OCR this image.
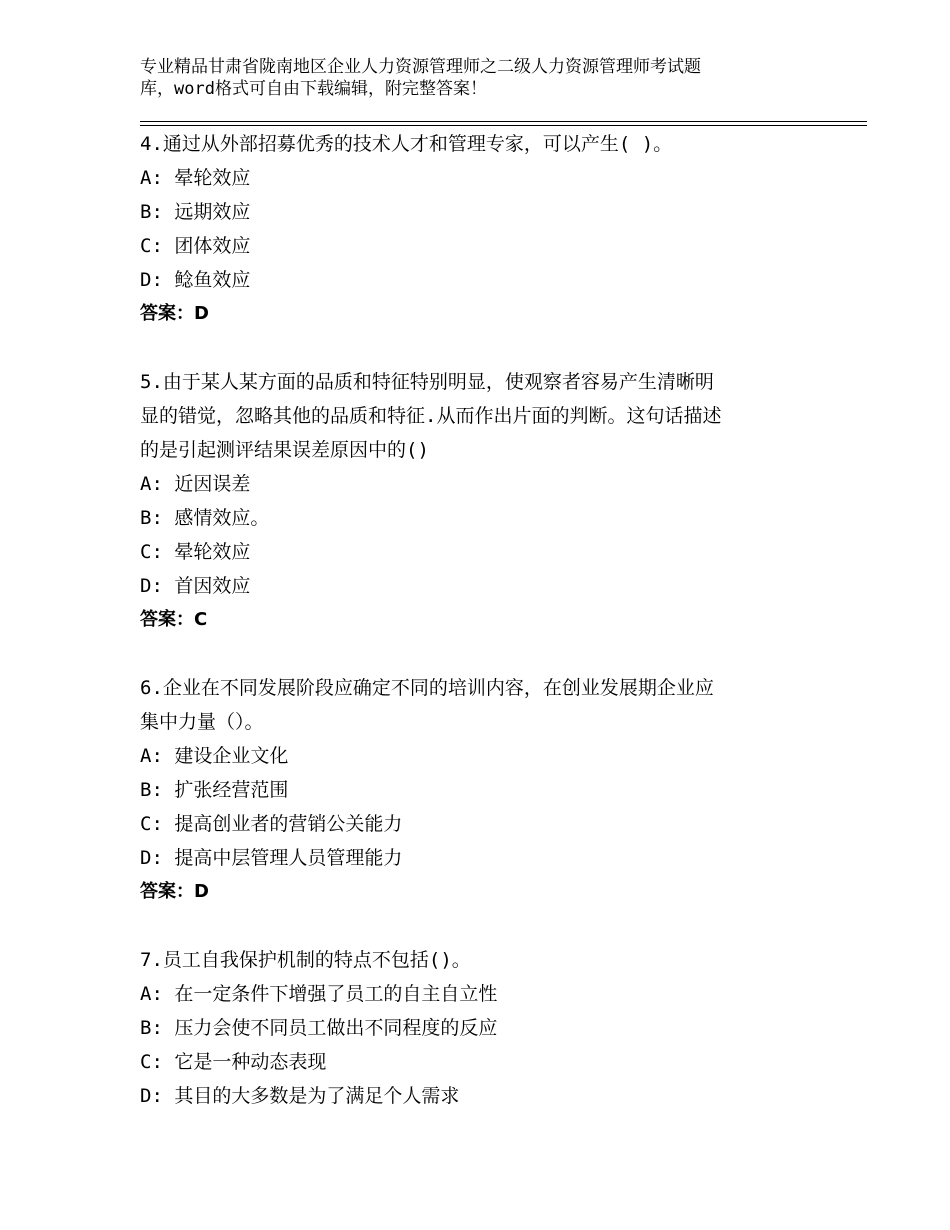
专业精品甘肃省陇南地区企业人力资源管理师之二级人力资源管理师考试题
库，word格式可自由下载编辑，附完整答案！
4.通过从外部招募优秀的技术人才和管理专家，可以产生( )。
A: 晕轮效应
B: 远期效应
C: 团体效应
D: 鲶鱼效应
答案：D
5.由于某人某方面的品质和特征特别明显，使观察者容易产生清晰明
显的错觉，忽略其他的品质和特征.从而作出片面的判断。这句话描述
的是引起测评结果误差原因中的()
A: 近因误差
B: 感情效应。
C: 晕轮效应
D: 首因效应
答案：C
6.企业在不同发展阶段应确定不同的培训内容，在创业发展期企业应
集中力量（）。
A: 建设企业文化
B: 扩张经营范围
C: 提高创业者的营销公关能力
D: 提高中层管理人员管理能力
答案：D
7.员工自我保护机制的特点不包括()。
A: 在一定条件下增强了员工的自主自立性
B: 压力会使不同员工做出不同程度的反应
C: 它是一种动态表现
D: 其目的大多数是为了满足个人需求
